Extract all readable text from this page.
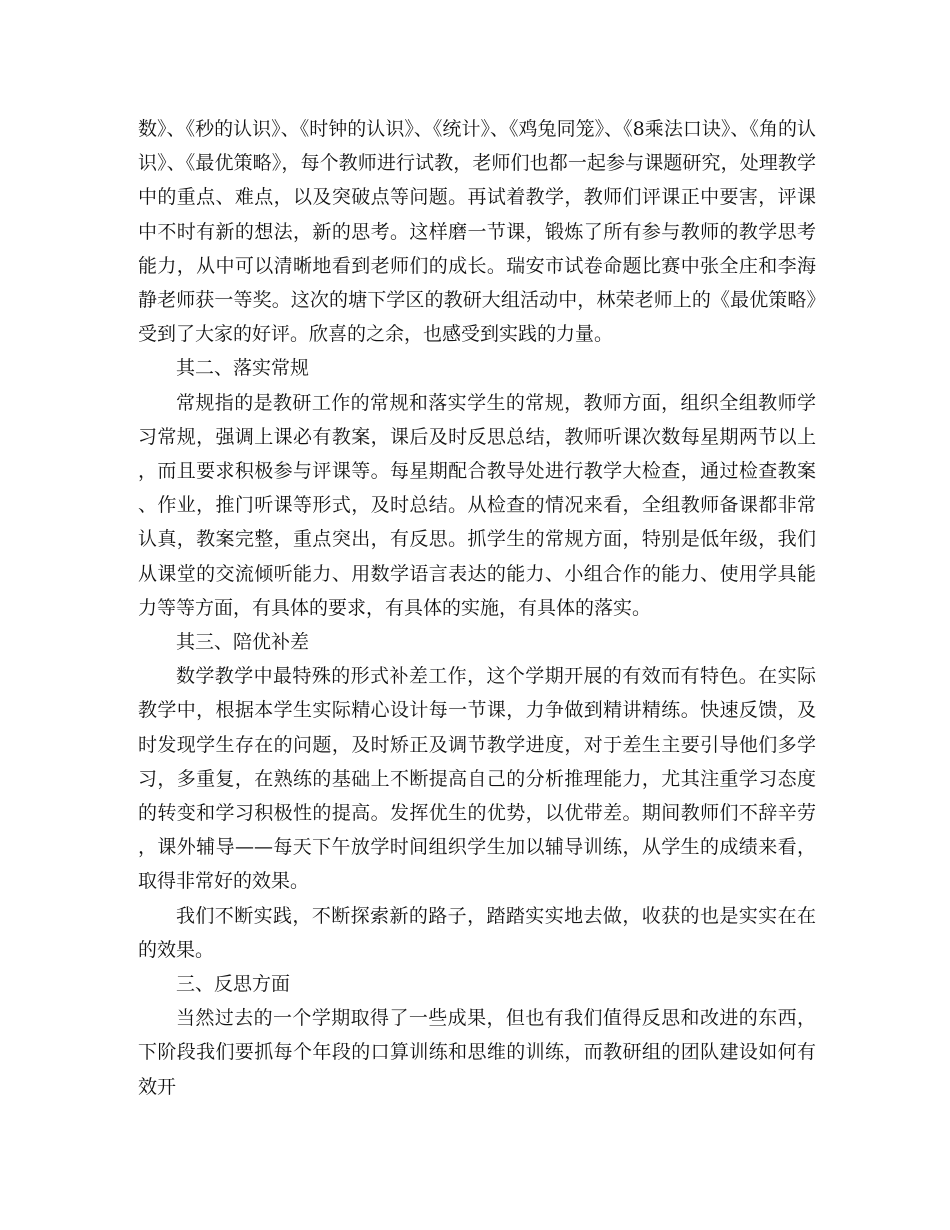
数》、《秒的认识》、《时钟的认识》、《统计》、《鸡兔同笼》、《8乘法口诀》、《角的认识》、《最优策略》，每个教师进行试教，老师们也都一起参与课题研究，处理教学中的重点、难点，以及突破点等问题。再试着教学，教师们评课正中要害，评课中不时有新的想法，新的思考。这样磨一节课，锻炼了所有参与教师的教学思考能力，从中可以清晰地看到老师们的成长。瑞安市试卷命题比赛中张全庄和李海静老师获一等奖。这次的塘下学区的教研大组活动中，林荣老师上的《最优策略》受到了大家的好评。欣喜的之余，也感受到实践的力量。

其二、落实常规

常规指的是教研工作的常规和落实学生的常规，教师方面，组织全组教师学习常规，强调上课必有教案，课后及时反思总结，教师听课次数每星期两节以上，而且要求积极参与评课等。每星期配合教导处进行教学大检查，通过检查教案、作业，推门听课等形式，及时总结。从检查的情况来看，全组教师备课都非常认真，教案完整，重点突出，有反思。抓学生的常规方面，特别是低年级，我们从课堂的交流倾听能力、用数学语言表达的能力、小组合作的能力、使用学具能力等等方面，有具体的要求，有具体的实施，有具体的落实。

其三、陪优补差

数学教学中最特殊的形式补差工作，这个学期开展的有效而有特色。在实际教学中，根据本学生实际精心设计每一节课，力争做到精讲精练。快速反馈，及时发现学生存在的问题，及时矫正及调节教学进度，对于差生主要引导他们多学习，多重复，在熟练的基础上不断提高自己的分析推理能力，尤其注重学习态度的转变和学习积极性的提高。发挥优生的优势，以优带差。期间教师们不辞辛劳，课外辅导——每天下午放学时间组织学生加以辅导训练，从学生的成绩来看，取得非常好的效果。

我们不断实践，不断探索新的路子，踏踏实实地去做，收获的也是实实在在的效果。

三、反思方面

当然过去的一个学期取得了一些成果，但也有我们值得反思和改进的东西，下阶段我们要抓每个年段的口算训练和思维的训练，而教研组的团队建设如何有效开
